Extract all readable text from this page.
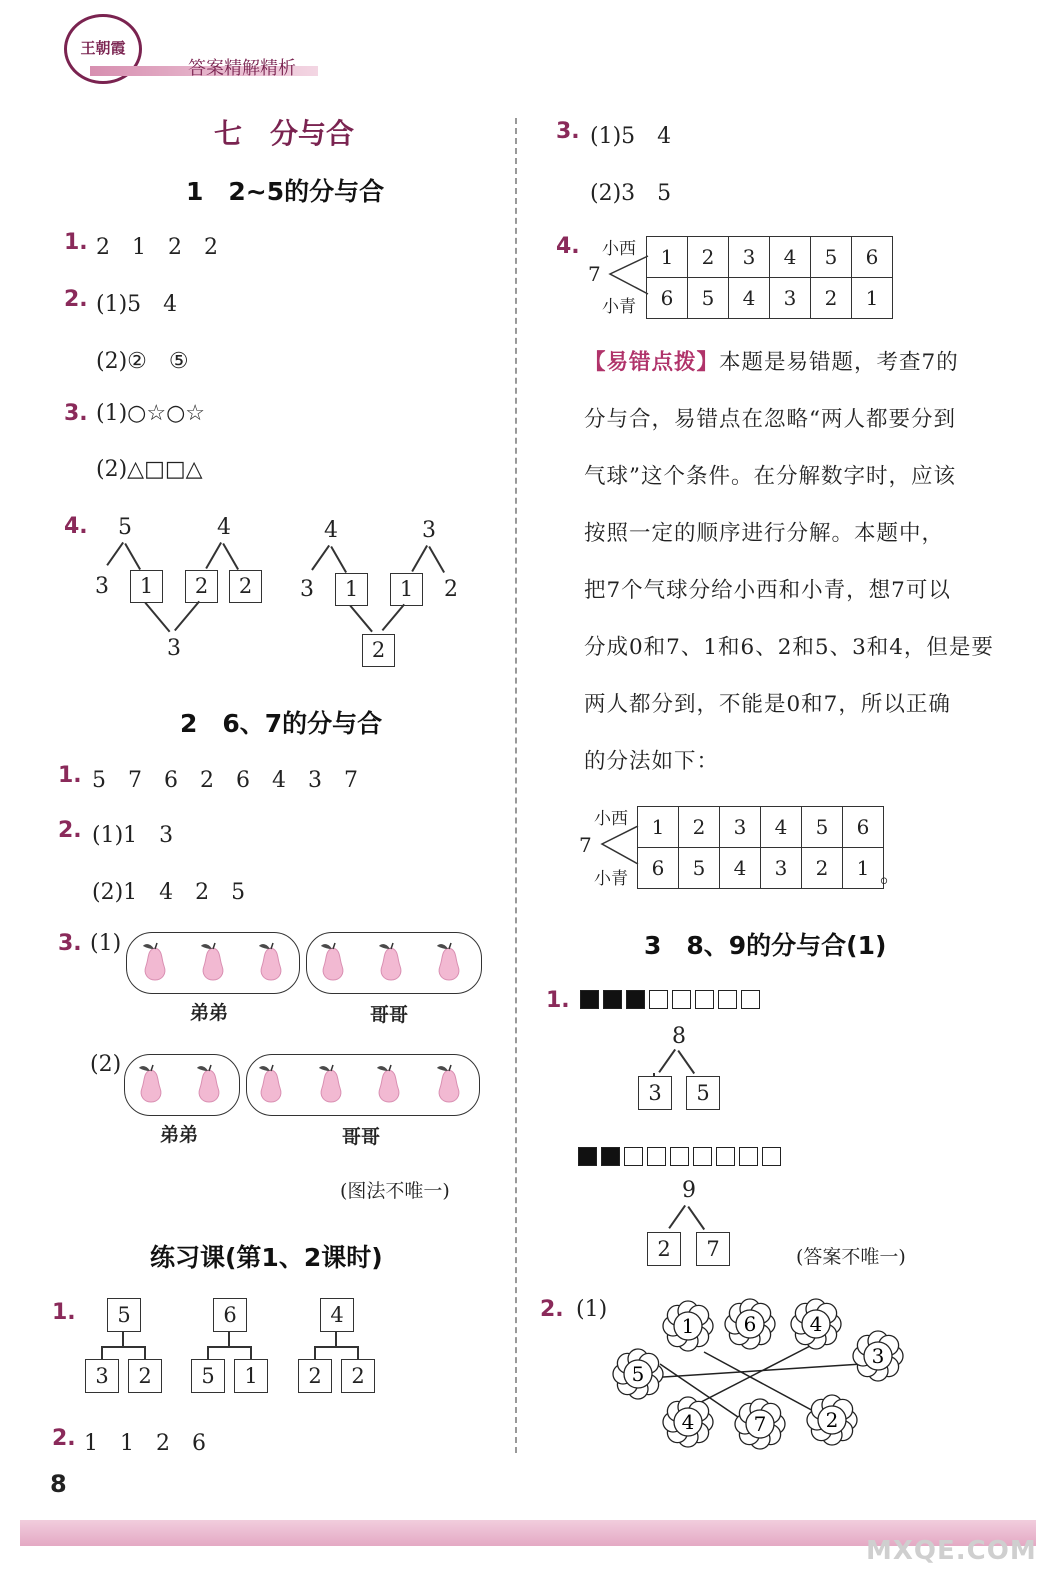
王朝霞
答案精解精析
七　分与合
1　2~5的分与合
1. 2　1　2　2
2. (1)5　4
(2)②　⑤
3. (1)○☆○☆
(2)△□□△
4. 5	4
3	1	2	2
3
4	3
3	1	1	2
2
2　6、7的分与合
1. 5　7　6　2　6　4　3　7
2. (1)1　3
(2)1　4　2　5
3. (1)
弟弟	哥哥
(2)
弟弟	哥哥
(图法不唯一)
练习课(第1、2课时)
1.	5
3	2
6
5	1
4
2	2
2. 1　1　2　6
3. (1)5　4
(2)3　5
4. 小西
7
小青
1	2	3	4	5	6
6	5	4	3	2	1
【易错点拨】本题是易错题，考查7的
分与合，易错点在忽略“两人都要分到
气球”这个条件。在分解数字时，应该
按照一定的顺序进行分解。本题中，
把7个气球分给小西和小青，想7可以
分成0和7、1和6、2和5、3和4，但是要
两人都分到，不能是0和7，所以正确
的分法如下：
小西
7
小青
1	2	3	4	5	6
6	5	4	3	2	1 。
3　8、9的分与合(1)
1.
8
3	5
9
2	7	(答案不唯一)
2. (1)
1 6	4
5
3
4	7	2
8
MXQE.COM
